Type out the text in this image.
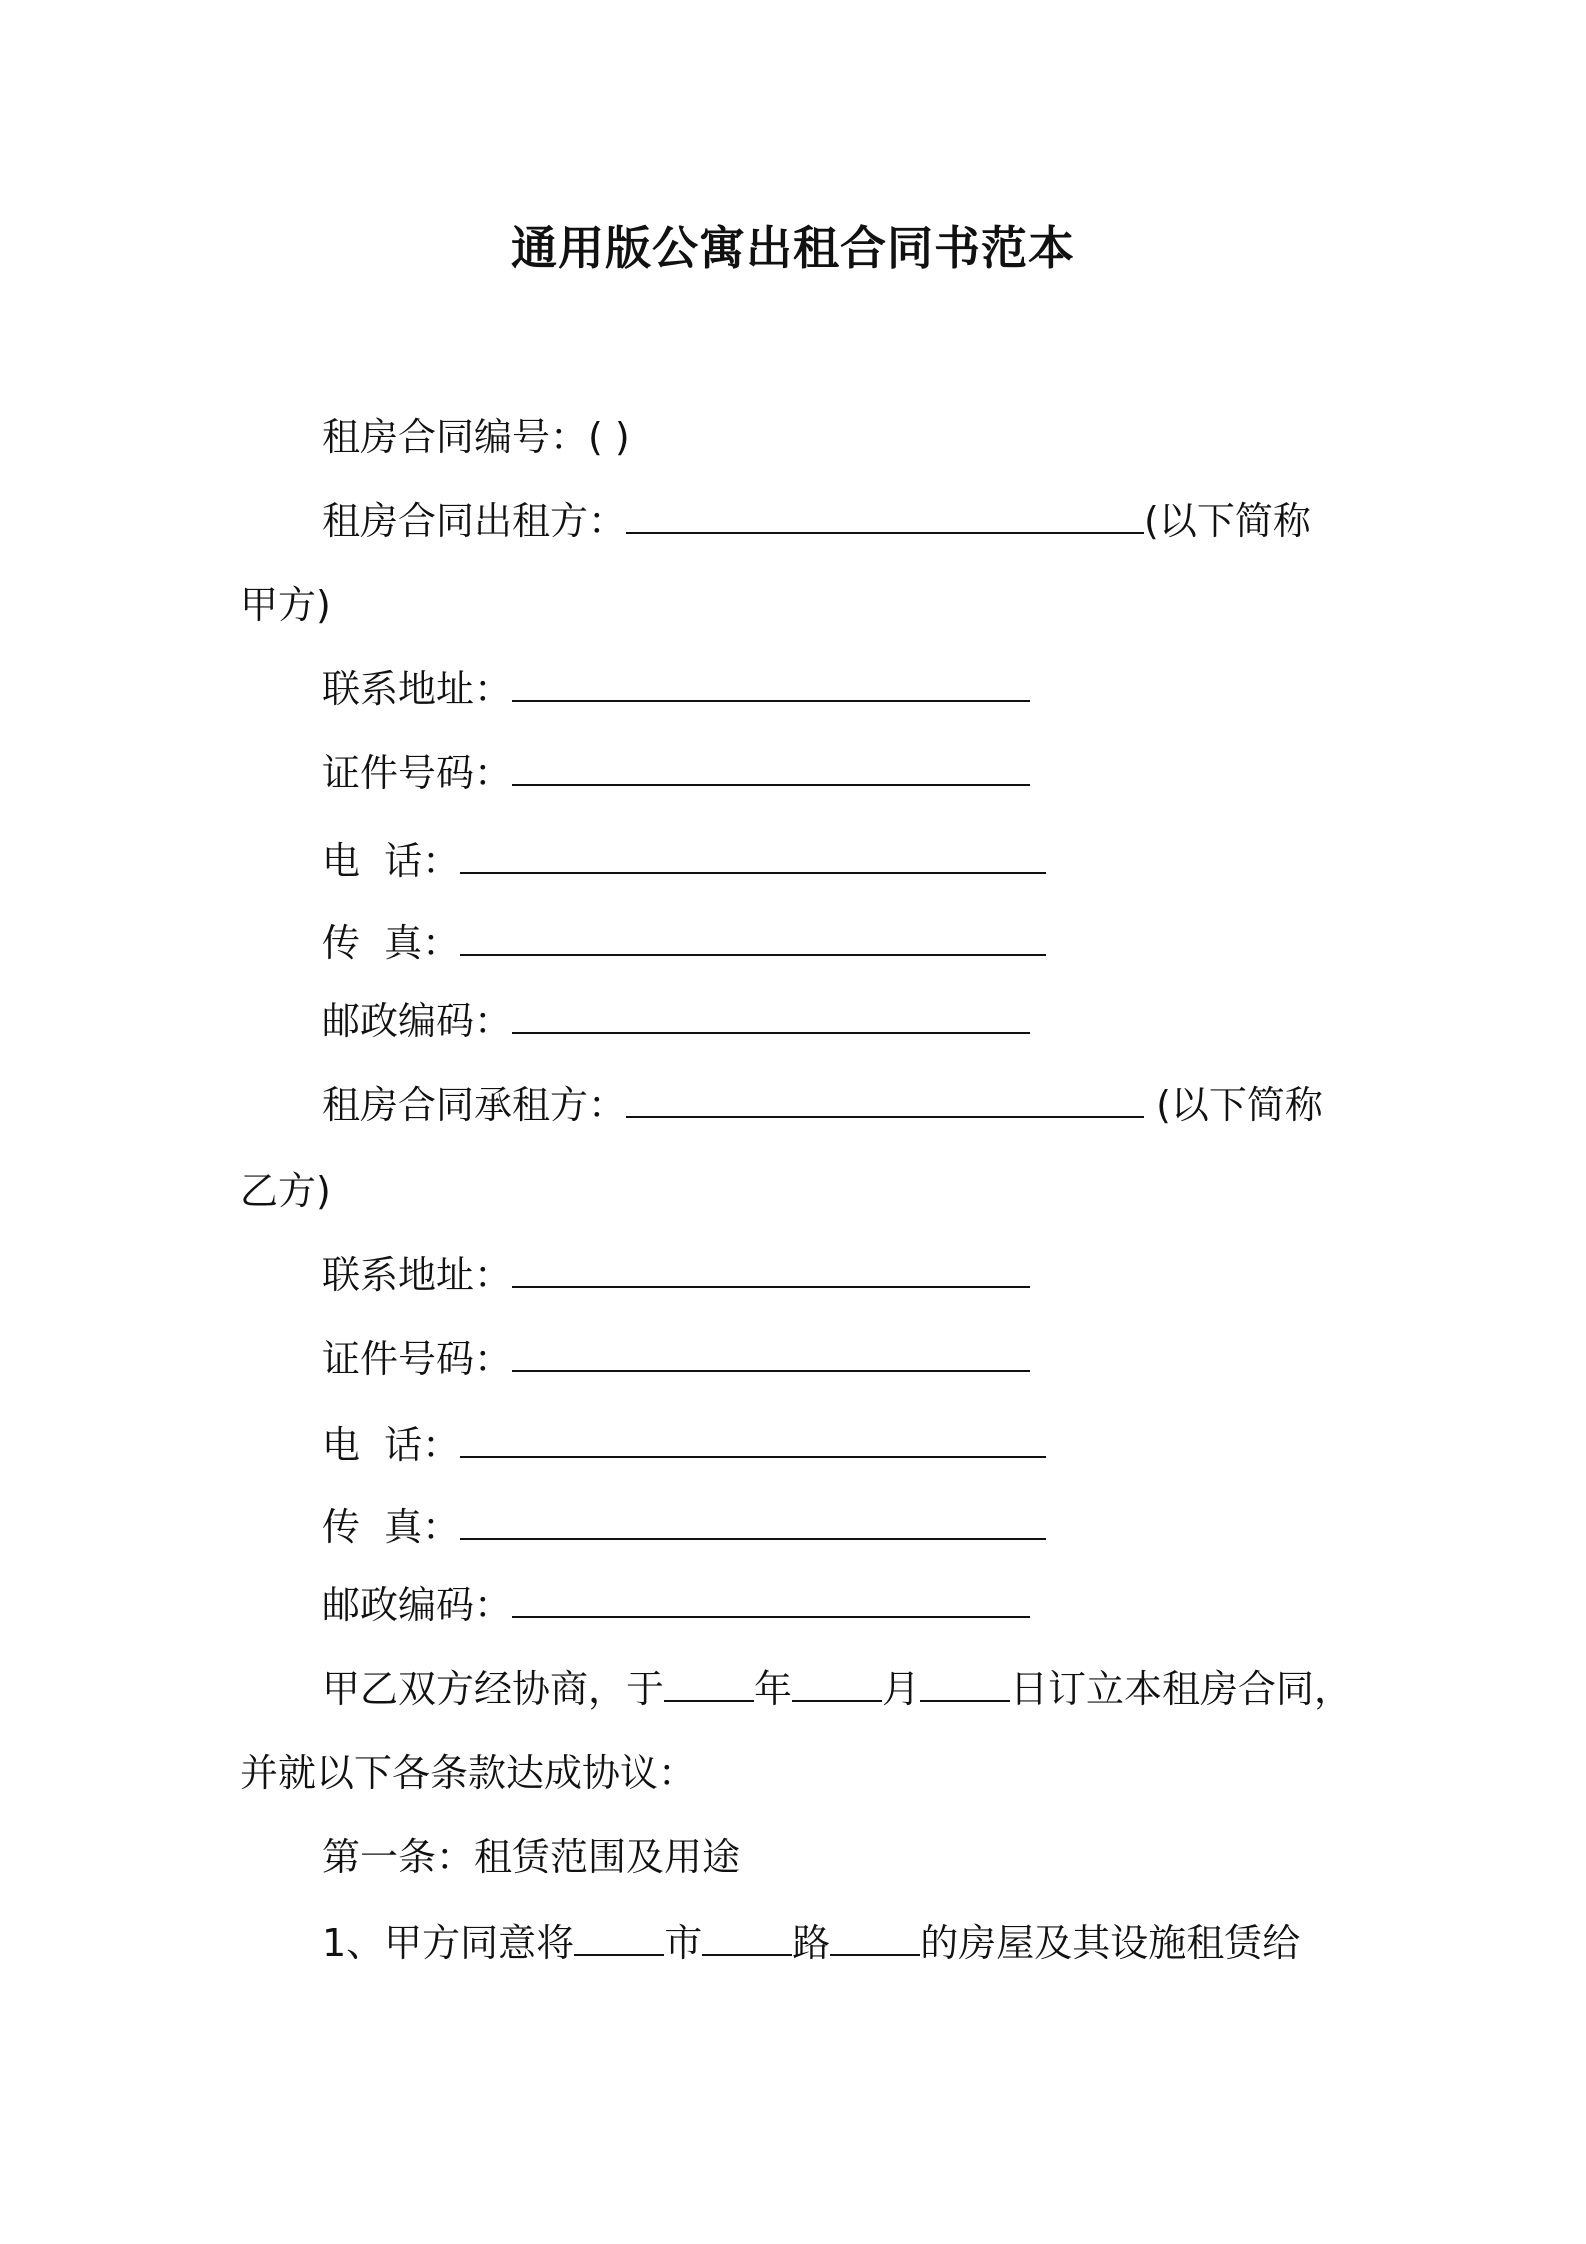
通用版公寓出租合同书范本
租房合同编号：( )
租房合同出租方：	(以下简称
甲方)
联系地址：
证件号码：
电  话：
传  真：
邮政编码：
租房合同承租方：	(以下简称
乙方)
联系地址：
证件号码：
电  话：
传  真：
邮政编码：
甲乙双方经协商，于 年 月 日订立本租房合同，
并就以下各条款达成协议：
第一条：租赁范围及用途
1、甲方同意将 市 路 的房屋及其设施租赁给
